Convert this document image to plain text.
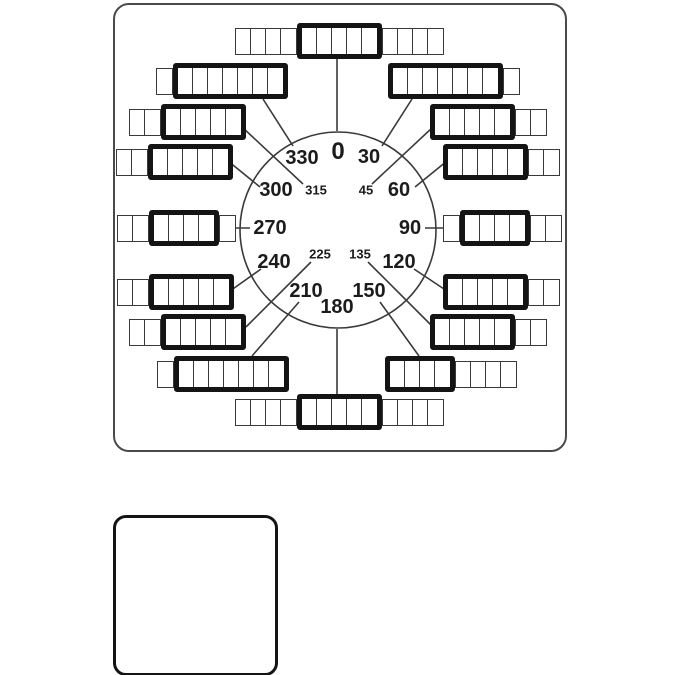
0
330 30
300 315 45 60
270	90
240 225 135 120
210 150
180
